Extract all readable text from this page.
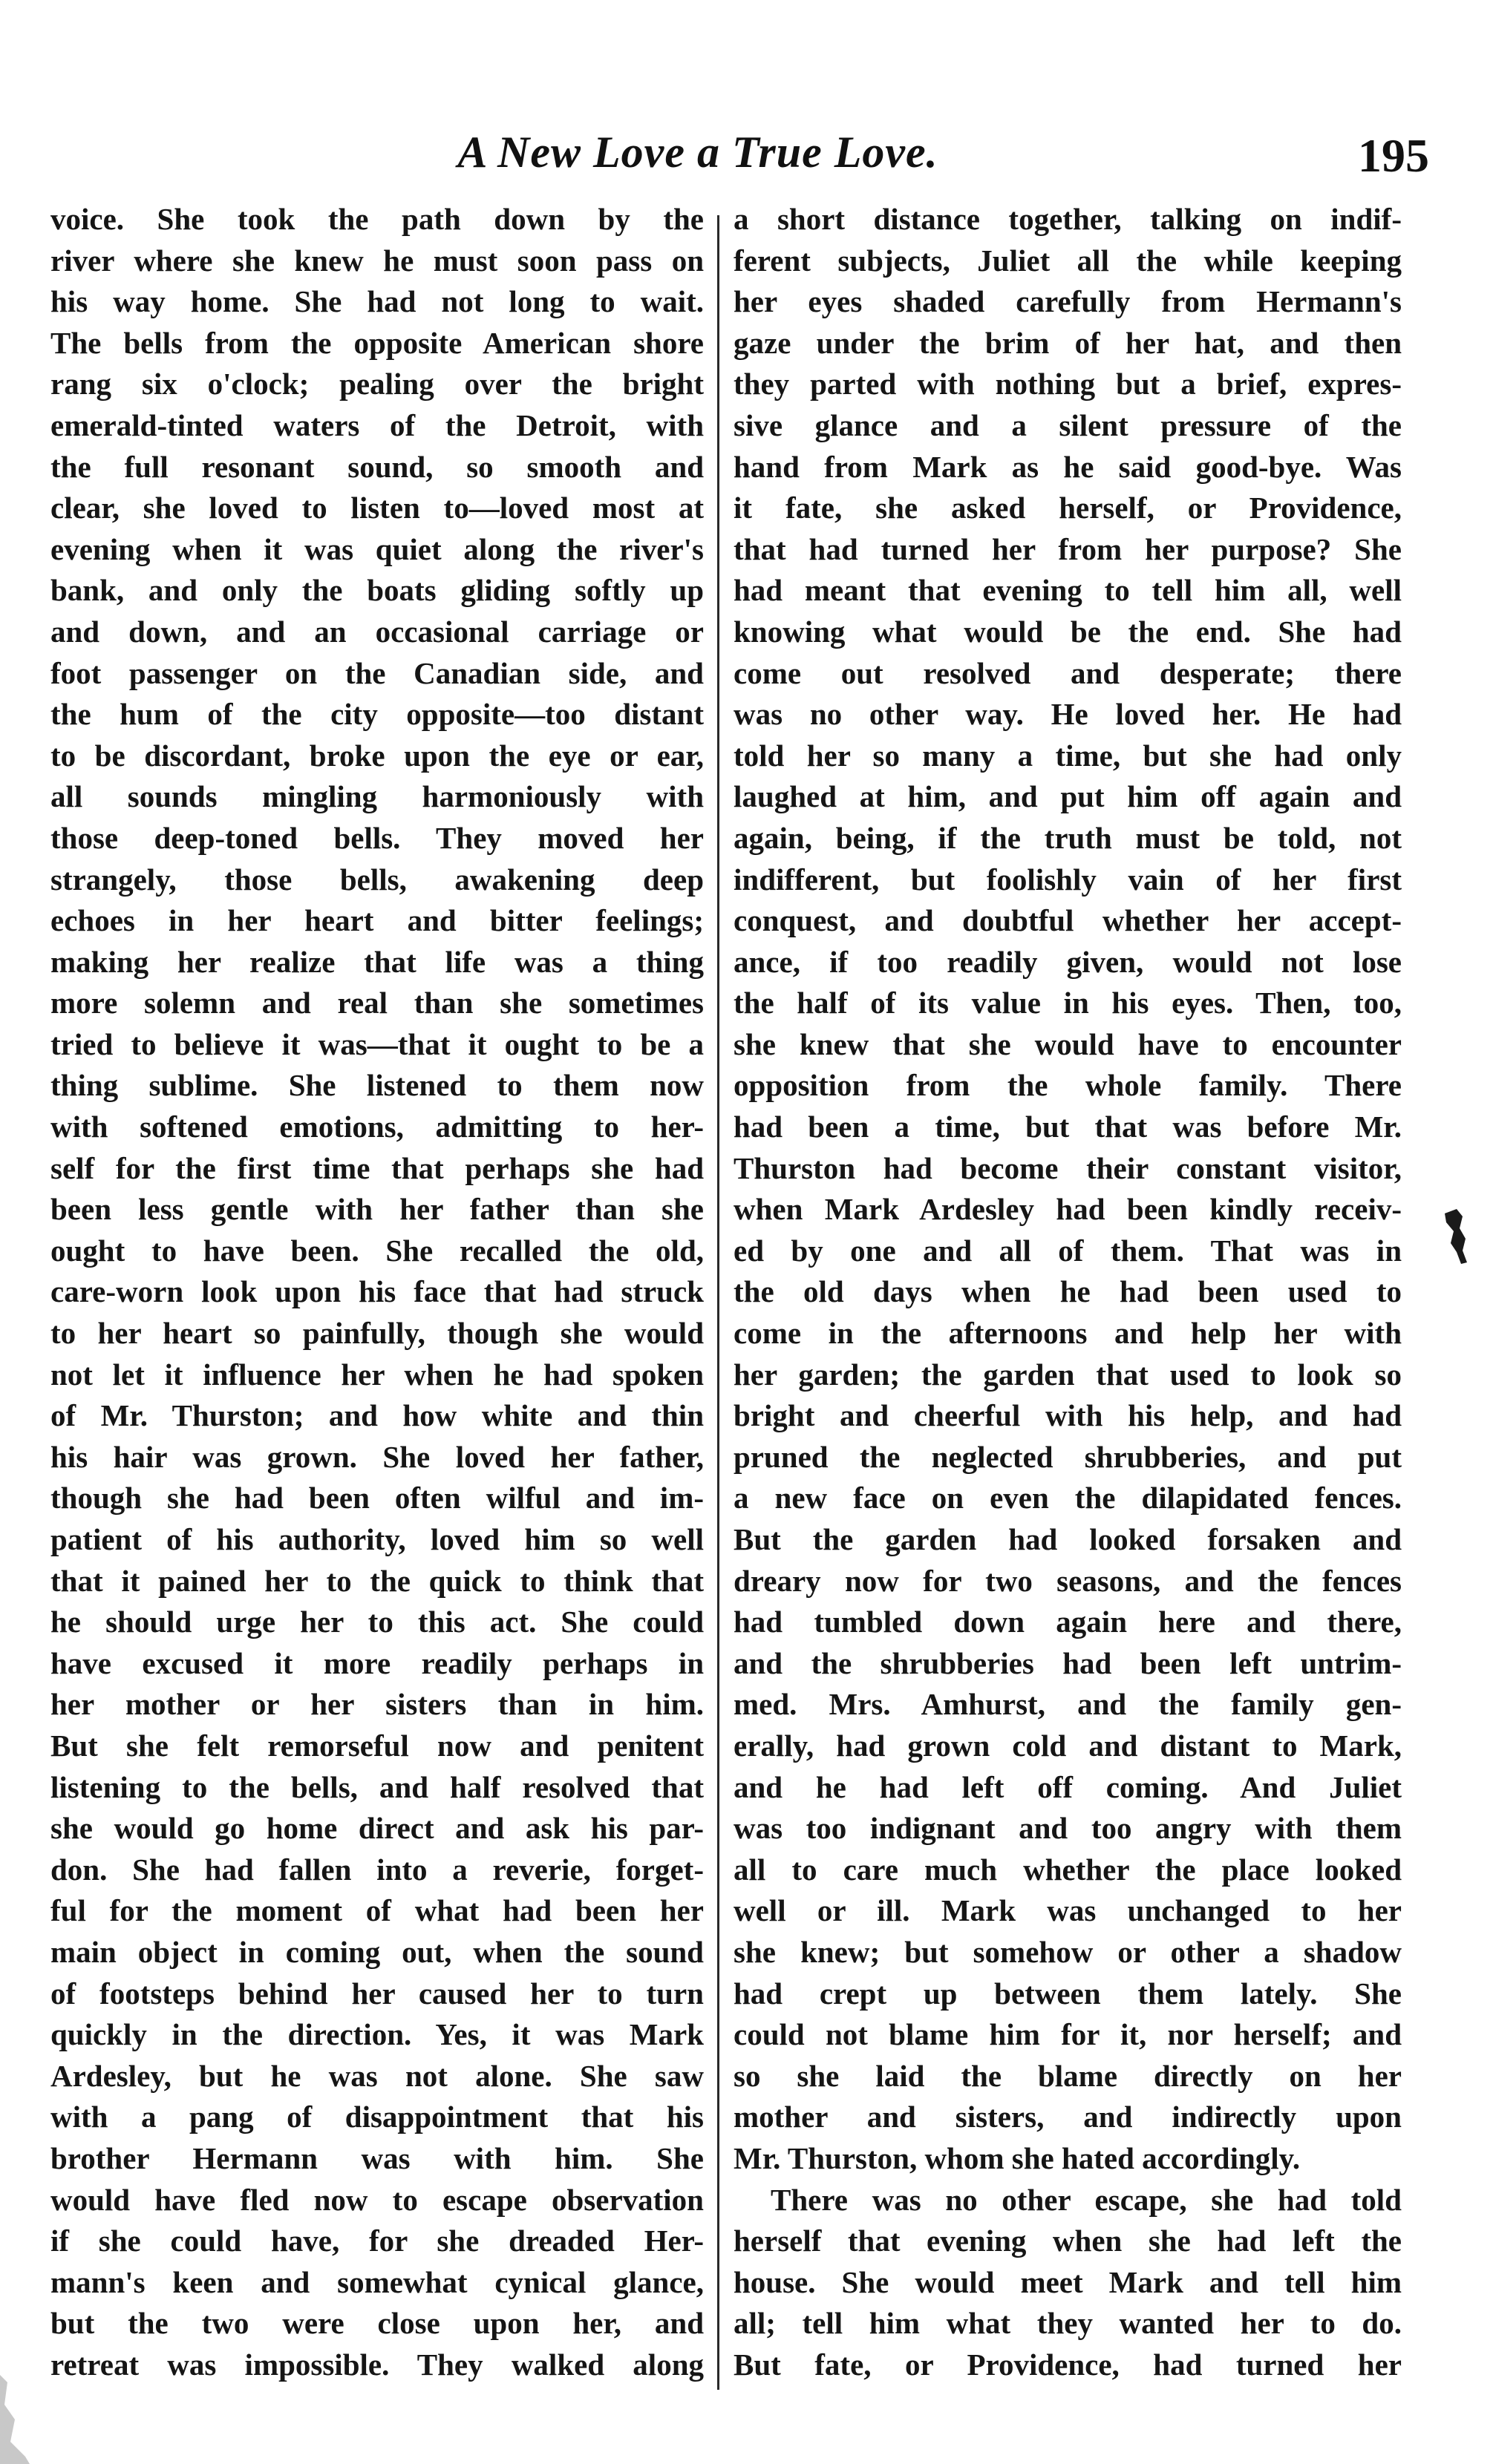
A New Love a True Love.	195
voice. She took the path down by the
river where she knew he must soon pass on
his way home. She had not long to wait.
The bells from the opposite American shore
rang six o'clock; pealing over the bright
emerald-tinted waters of the Detroit, with
the full resonant sound, so smooth and
clear, she loved to listen to—loved most at
evening when it was quiet along the river's
bank, and only the boats gliding softly up
and down, and an occasional carriage or
foot passenger on the Canadian side, and
the hum of the city opposite—too distant
to be discordant, broke upon the eye or ear,
all sounds mingling harmoniously with
those deep-toned bells. They moved her
strangely, those bells, awakening deep
echoes in her heart and bitter feelings;
making her realize that life was a thing
more solemn and real than she sometimes
tried to believe it was—that it ought to be a
thing sublime. She listened to them now
with softened emotions, admitting to her-
self for the first time that perhaps she had
been less gentle with her father than she
ought to have been. She recalled the old,
care-worn look upon his face that had struck
to her heart so painfully, though she would
not let it influence her when he had spoken
of Mr. Thurston; and how white and thin
his hair was grown. She loved her father,
though she had been often wilful and im-
patient of his authority, loved him so well
that it pained her to the quick to think that
he should urge her to this act. She could
have excused it more readily perhaps in
her mother or her sisters than in him.
But she felt remorseful now and penitent
listening to the bells, and half resolved that
she would go home direct and ask his par-
don. She had fallen into a reverie, forget-
ful for the moment of what had been her
main object in coming out, when the sound
of footsteps behind her caused her to turn
quickly in the direction. Yes, it was Mark
Ardesley, but he was not alone. She saw
with a pang of disappointment that his
brother Hermann was with him. She
would have fled now to escape observation
if she could have, for she dreaded Her-
mann's keen and somewhat cynical glance,
but the two were close upon her, and
retreat was impossible. They walked along
a short distance together, talking on indif-
ferent subjects, Juliet all the while keeping
her eyes shaded carefully from Hermann's
gaze under the brim of her hat, and then
they parted with nothing but a brief, expres-
sive glance and a silent pressure of the
hand from Mark as he said good-bye. Was
it fate, she asked herself, or Providence,
that had turned her from her purpose? She
had meant that evening to tell him all, well
knowing what would be the end. She had
come out resolved and desperate; there
was no other way. He loved her. He had
told her so many a time, but she had only
laughed at him, and put him off again and
again, being, if the truth must be told, not
indifferent, but foolishly vain of her first
conquest, and doubtful whether her accept-
ance, if too readily given, would not lose
the half of its value in his eyes. Then, too,
she knew that she would have to encounter
opposition from the whole family. There
had been a time, but that was before Mr.
Thurston had become their constant visitor,
when Mark Ardesley had been kindly receiv-
ed by one and all of them. That was in
the old days when he had been used to
come in the afternoons and help her with
her garden; the garden that used to look so
bright and cheerful with his help, and had
pruned the neglected shrubberies, and put
a new face on even the dilapidated fences.
But the garden had looked forsaken and
dreary now for two seasons, and the fences
had tumbled down again here and there,
and the shrubberies had been left untrim-
med. Mrs. Amhurst, and the family gen-
erally, had grown cold and distant to Mark,
and he had left off coming. And Juliet
was too indignant and too angry with them
all to care much whether the place looked
well or ill. Mark was unchanged to her
she knew; but somehow or other a shadow
had crept up between them lately. She
could not blame him for it, nor herself; and
so she laid the blame directly on her
mother and sisters, and indirectly upon
Mr. Thurston, whom she hated accordingly.
There was no other escape, she had told
herself that evening when she had left the
house. She would meet Mark and tell him
all; tell him what they wanted her to do.
But fate, or Providence, had turned her
